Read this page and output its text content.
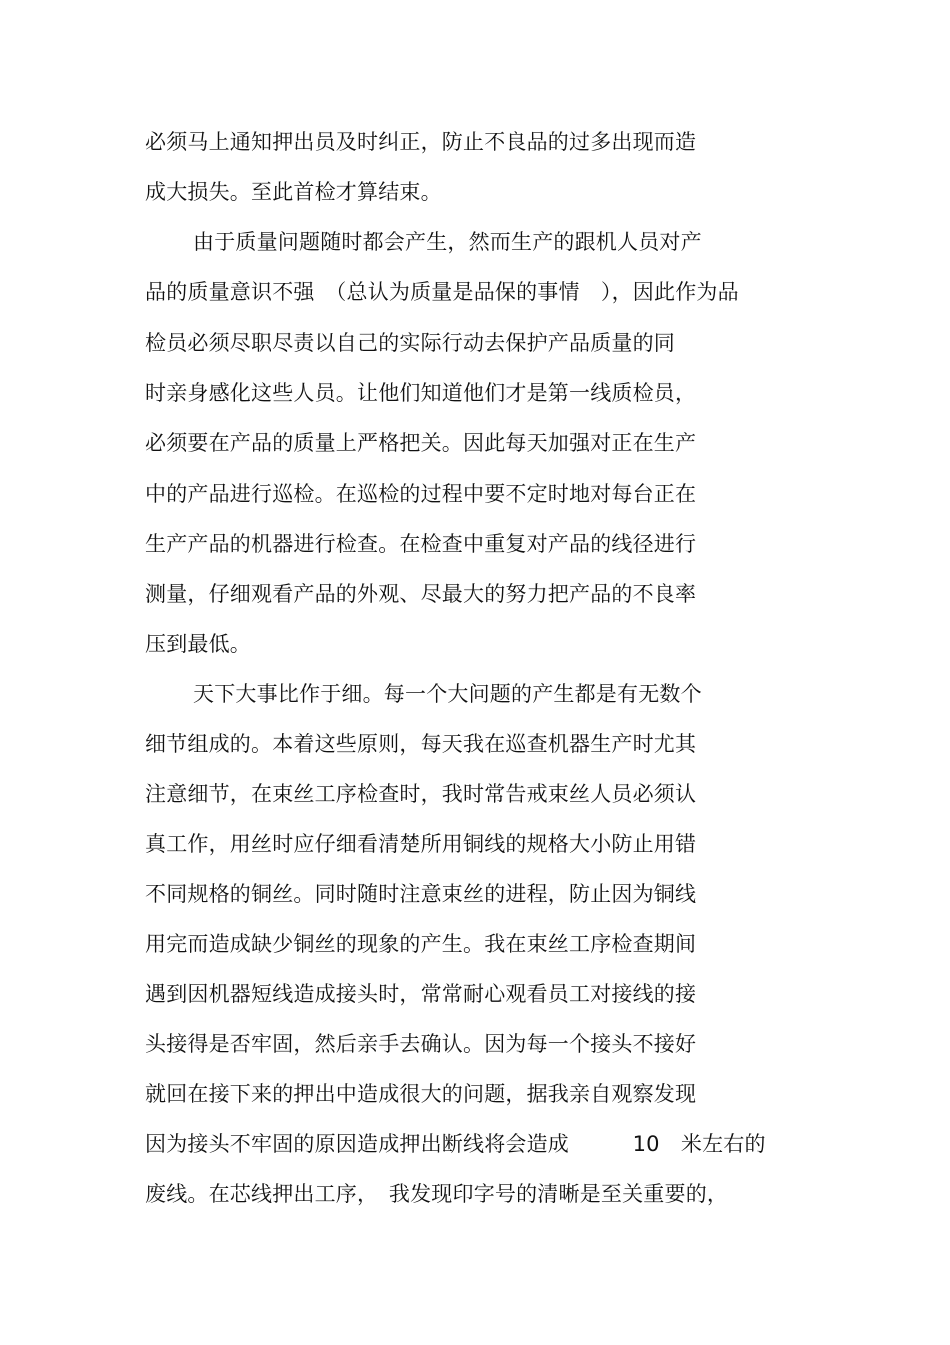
必须马上通知押出员及时纠正，防止不良品的过多出现而造
成大损失。至此首检才算结束。
由于质量问题随时都会产生，然而生产的跟机人员对产
品的质量意识不强　（总认为质量是品保的事情　），因此作为品
检员必须尽职尽责以自己的实际行动去保护产品质量的同
时亲身感化这些人员。让他们知道他们才是第一线质检员，
必须要在产品的质量上严格把关。因此每天加强对正在生产
中的产品进行巡检。在巡检的过程中要不定时地对每台正在
生产产品的机器进行检查。在检查中重复对产品的线径进行
测量，仔细观看产品的外观、尽最大的努力把产品的不良率
压到最低。
天下大事比作于细。每一个大问题的产生都是有无数个
细节组成的。本着这些原则，每天我在巡查机器生产时尤其
注意细节，在束丝工序检查时，我时常告戒束丝人员必须认
真工作，用丝时应仔细看清楚所用铜线的规格大小防止用错
不同规格的铜丝。同时随时注意束丝的进程，防止因为铜线
用完而造成缺少铜丝的现象的产生。我在束丝工序检查期间
遇到因机器短线造成接头时，常常耐心观看员工对接线的接
头接得是否牢固，然后亲手去确认。因为每一个接头不接好
就回在接下来的押出中造成很大的问题，据我亲自观察发现
因为接头不牢固的原因造成押出断线将会造成　　　10　米左右的
废线。在芯线押出工序，　我发现印字号的清晰是至关重要的，
